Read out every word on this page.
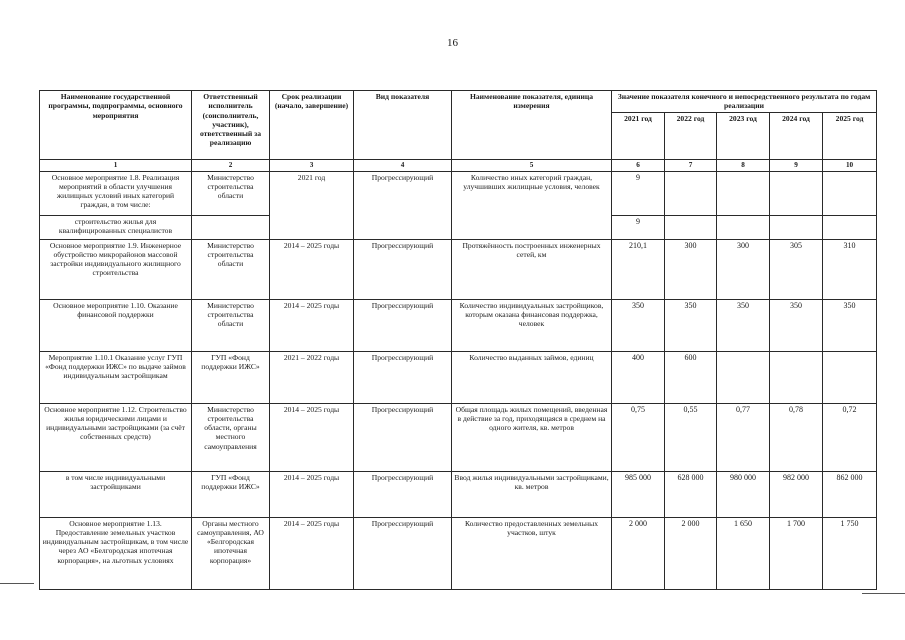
16
Наименование государственной программы, подпрограммы, основного мероприятия	Ответственный исполнитель (соисполнитель, участник), ответственный за реализацию	Срок реализации (начало, завершение)	Вид показателя	Наименование показателя, единица измерения	Значение показателя конечного и непосредственного результата по годам реализации				
					2021 год	2022 год	2023 год	2024 год	2025 год
1	2	3	4	5	6	7	8	9	10
Основное мероприятие 1.8. Реализация мероприятий в области улучшения жилищных условий иных категорий граждан, в том числе:	Министерство строительства области	2021 год	Прогрессирующий	Количество иных категорий граждан, улучшивших жилищные условия, человек	9				
строительство жилья для квалифицированных специалистов					9				
Основное мероприятие 1.9. Инженерное обустройство микрорайонов массовой застройки индивидуального жилищного строительства	Министерство строительства области	2014 – 2025 годы	Прогрессирующий	Протяжённость построенных инженерных сетей, км	210,1	300	300	305	310
Основное мероприятие 1.10. Оказание финансовой поддержки	Министерство строительства области	2014 – 2025 годы	Прогрессирующий	Количество индивидуальных застройщиков, которым оказана финансовая поддержка, человек	350	350	350	350	350
Мероприятие 1.10.1 Оказание услуг ГУП «Фонд поддержки ИЖС» по выдаче займов индивидуальным застройщикам	ГУП «Фонд поддержки ИЖС»	2021 – 2022 годы	Прогрессирующий	Количество выданных займов, единиц	400	600			
Основное мероприятие 1.12. Строительство жилья юридическими лицами и индивидуальными застройщиками (за счёт собственных средств)	Министерство строительства области, органы местного самоуправления	2014 – 2025 годы	Прогрессирующий	Общая площадь жилых помещений, введенная в действие за год, приходящаяся в среднем на одного жителя, кв. метров	0,75	0,55	0,77	0,78	0,72
в том числе индивидуальными застройщиками	ГУП «Фонд поддержки ИЖС»	2014 – 2025 годы	Прогрессирующий	Ввод жилья индивидуальными застройщиками, кв. метров	985 000	628 000	980 000	982 000	862 000
Основное мероприятие 1.13. Предоставление земельных участков индивидуальным застройщикам, в том числе через АО «Белгородская ипотечная корпорация», на льготных условиях	Органы местного самоуправления, АО «Белгородская ипотечная корпорация»	2014 – 2025 годы	Прогрессирующий	Количество предоставленных земельных участков, штук	2 000	2 000	1 650	1 700	1 750
